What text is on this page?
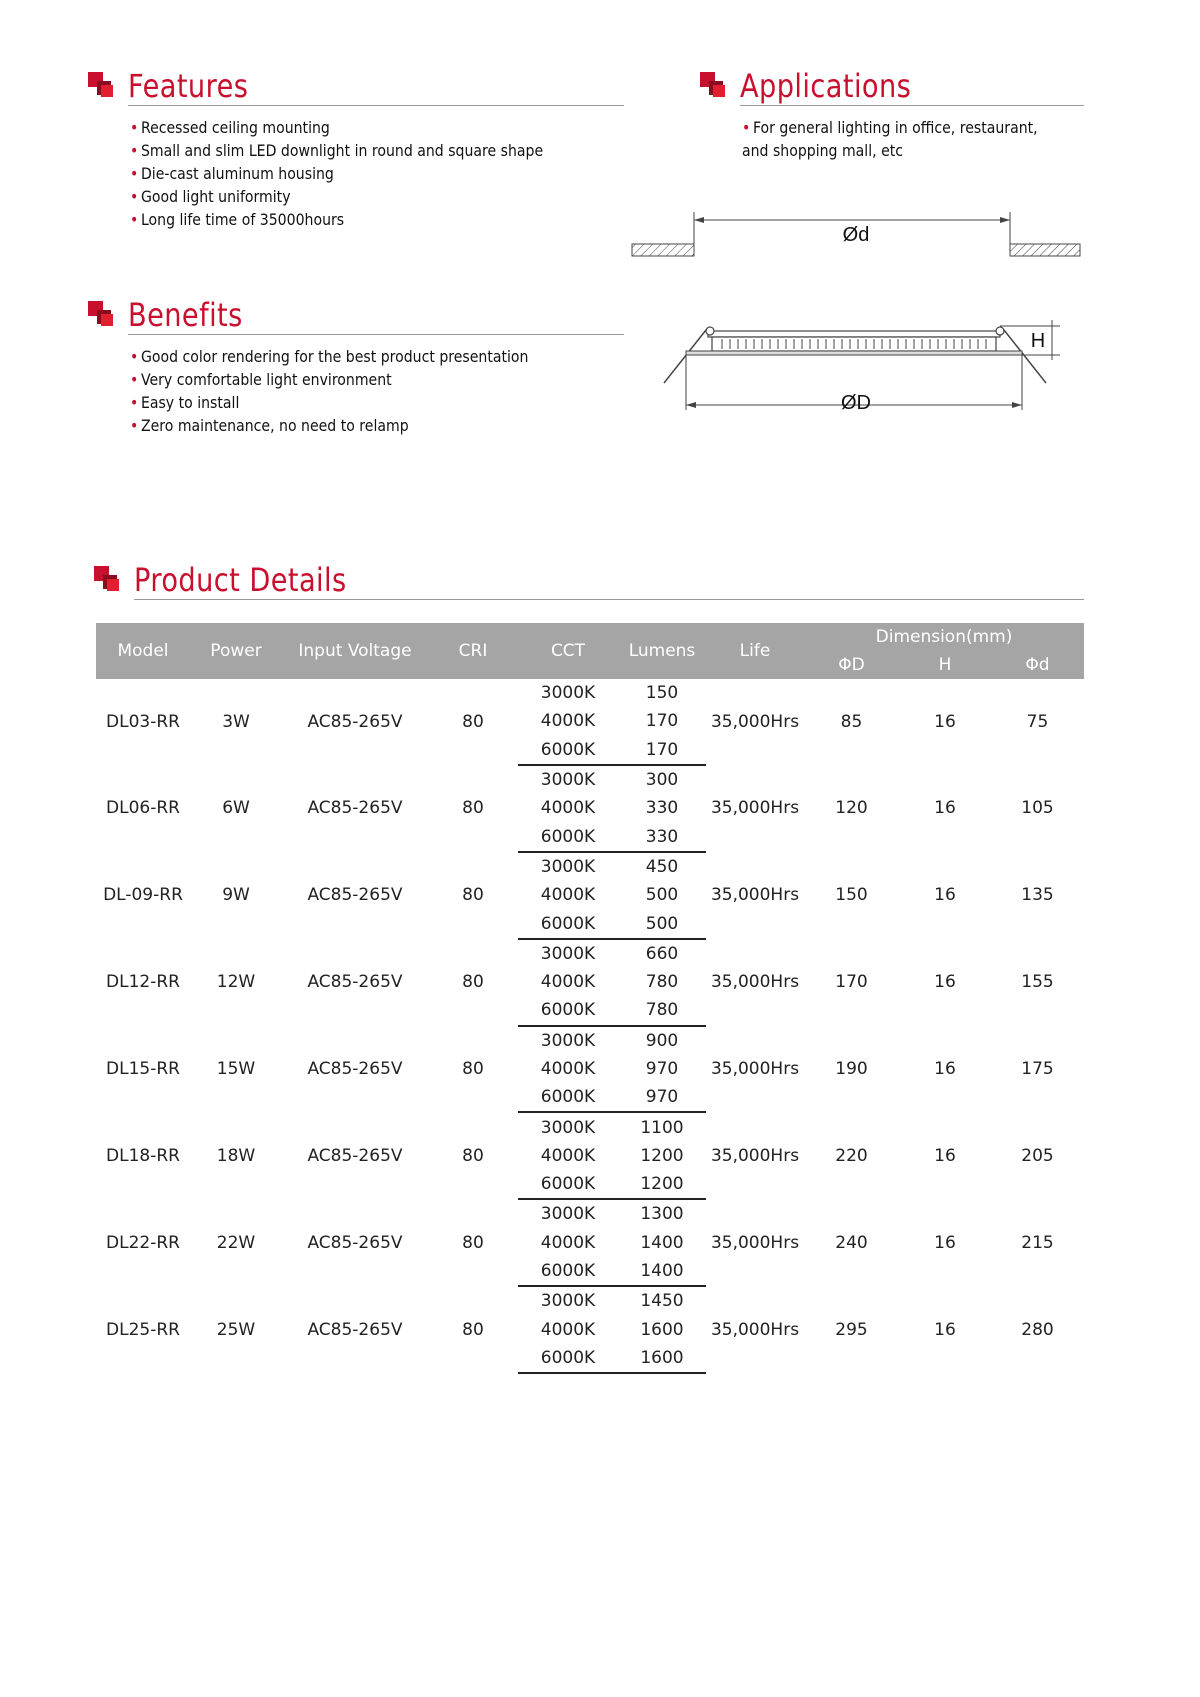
Features
• Recessed ceiling mounting
• Small and slim LED downlight in round and square shape
• Die-cast aluminum housing
• Good light uniformity
• Long life time of 35000hours
Applications
• For general lighting in office, restaurant, and shopping mall, etc
Benefits
• Good color rendering for the best product presentation
• Very comfortable light environment
• Easy to install
• Zero maintenance, no need to relamp
Ød
H
ØD
Product Details
Model	Power	Input Voltage	CRI	CCT	Lumens	Life	Dimension(mm)		
							ΦD	H	Φd
DL03-RR	3W	AC85-265V	80	3000K	150	35,000Hrs	85	16	75
				4000K	170				
				6000K	170				
DL06-RR	6W	AC85-265V	80	3000K	300	35,000Hrs	120	16	105
				4000K	330				
				6000K	330				
DL-09-RR	9W	AC85-265V	80	3000K	450	35,000Hrs	150	16	135
				4000K	500				
				6000K	500				
DL12-RR	12W	AC85-265V	80	3000K	660	35,000Hrs	170	16	155
				4000K	780				
				6000K	780				
DL15-RR	15W	AC85-265V	80	3000K	900	35,000Hrs	190	16	175
				4000K	970				
				6000K	970				
DL18-RR	18W	AC85-265V	80	3000K	1100	35,000Hrs	220	16	205
				4000K	1200				
				6000K	1200				
DL22-RR	22W	AC85-265V	80	3000K	1300	35,000Hrs	240	16	215
				4000K	1400				
				6000K	1400				
DL25-RR	25W	AC85-265V	80	3000K	1450	35,000Hrs	295	16	280
				4000K	1600				
				6000K	1600				
